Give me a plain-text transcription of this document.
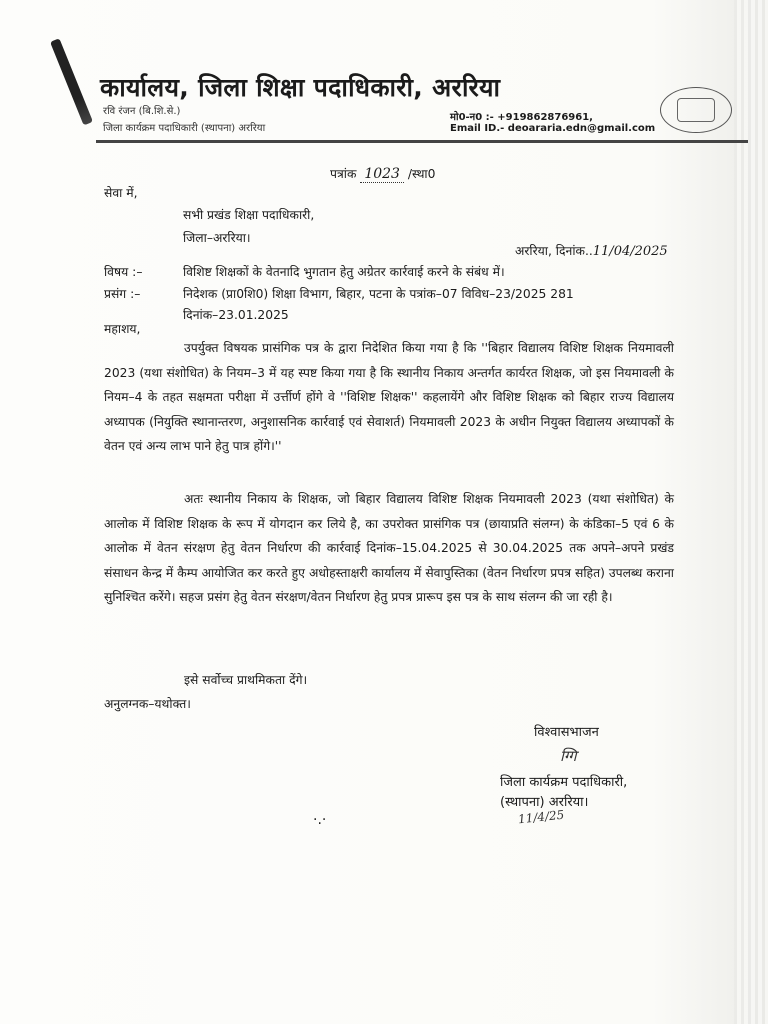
कार्यालय, जिला शिक्षा पदाधिकारी, अररिया
रवि रंजन (बि.शि.से.)
जिला कार्यक्रम पदाधिकारी (स्थापना) अररिया
मो0-न0 :- +919862876961,
Email ID.- deoararia.edn@gmail.com
पत्रांक 1023 /स्था0
सेवा में,
सभी प्रखंड शिक्षा पदाधिकारी,
जिला–अररिया।
अररिया, दिनांक..11/04/2025
विषय :–	विशिष्ट शिक्षकों के वेतनादि भुगतान हेतु अग्रेतर कार्रवाई करने के संबंध में।
प्रसंग :–	निदेशक (प्रा0शि0) शिक्षा विभाग, बिहार, पटना के पत्रांक–07 विविध–23/2025 281
दिनांक–23.01.2025
महाशय,
उपर्युक्त विषयक प्रासंगिक पत्र के द्वारा निदेशित किया गया है कि ''बिहार विद्यालय विशिष्ट शिक्षक नियमावली 2023 (यथा संशोधित) के नियम–3 में यह स्पष्ट किया गया है कि स्थानीय निकाय अन्तर्गत कार्यरत शिक्षक, जो इस नियमावली के नियम–4 के तहत सक्षमता परीक्षा में उर्त्तीर्ण होंगे वे ''विशिष्ट शिक्षक'' कहलायेंगे और विशिष्ट शिक्षक को बिहार राज्य विद्यालय अध्यापक (नियुक्ति स्थानान्तरण, अनुशासनिक कार्रवाई एवं सेवाशर्त) नियमावली 2023 के अधीन नियुक्त विद्यालय अध्यापकों के वेतन एवं अन्य लाभ पाने हेतु पात्र होंगे।''
अतः स्थानीय निकाय के शिक्षक, जो बिहार विद्यालय विशिष्ट शिक्षक नियमावली 2023 (यथा संशोधित) के आलोक में विशिष्ट शिक्षक के रूप में योगदान कर लिये है, का उपरोक्त प्रासंगिक पत्र (छायाप्रति संलग्न) के कंडिका–5 एवं 6 के आलोक में वेतन संरक्षण हेतु वेतन निर्धारण की कार्रवाई दिनांक–15.04.2025 से 30.04.2025 तक अपने–अपने प्रखंड संसाधन केन्द्र में कैम्प आयोजित कर करते हुए अधोहस्ताक्षरी कार्यालय में सेवापुस्तिका (वेतन निर्धारण प्रपत्र सहित) उपलब्ध कराना सुनिश्चित करेंगे। सहज प्रसंग हेतु वेतन संरक्षण/वेतन निर्धारण हेतु प्रपत्र प्रारूप इस पत्र के साथ संलग्न की जा रही है।
इसे सर्वोच्च प्राथमिकता देंगे।
अनुलग्नक–यथोक्त।
विश्वासभाजन
ग्गि
जिला कार्यक्रम पदाधिकारी,
(स्थापना) अररिया।
11/4/25
·.·
